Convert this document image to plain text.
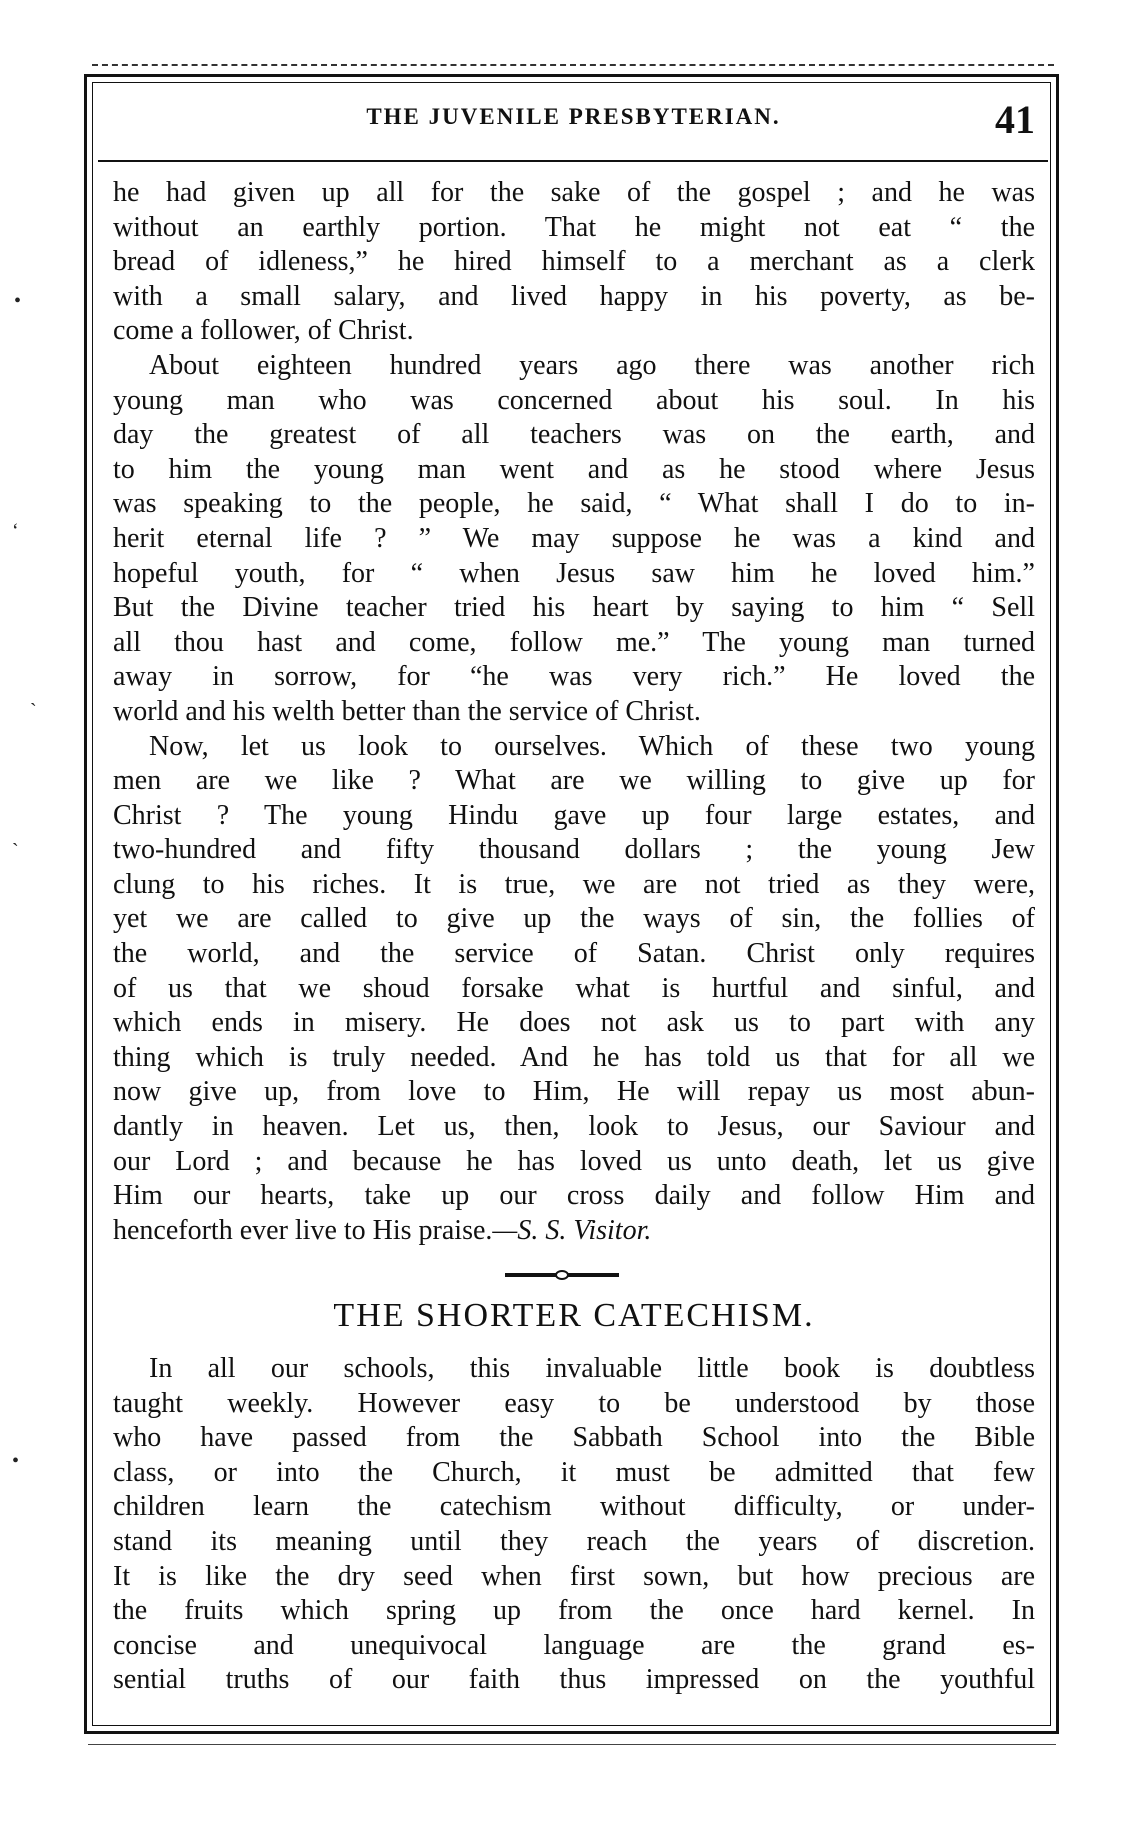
•
ʻ
ˋ
ˋ
•
THE JUVENILE PRESBYTERIAN.	41
he had given up all for the sake of the gospel ; and he was
without an earthly portion. That he might not eat “ the
bread of idleness,” he hired himself to a merchant as a clerk
with a small salary, and lived happy in his poverty, as be-
come a follower, of Christ.
About eighteen hundred years ago there was another rich
young man who was concerned about his soul. In his
day the greatest of all teachers was on the earth, and
to him the young man went and as he stood where Jesus
was speaking to the people, he said, “ What shall I do to in-
herit eternal life ? ” We may suppose he was a kind and
hopeful youth, for “ when Jesus saw him he loved him.”
But the Divine teacher tried his heart by saying to him “ Sell
all thou hast and come, follow me.” The young man turned
away in sorrow, for “he was very rich.” He loved the
world and his welth better than the service of Christ.
Now, let us look to ourselves. Which of these two young
men are we like ? What are we willing to give up for
Christ ? The young Hindu gave up four large estates, and
two-hundred and fifty thousand dollars ; the young Jew
clung to his riches. It is true, we are not tried as they were,
yet we are called to give up the ways of sin, the follies of
the world, and the service of Satan. Christ only requires
of us that we shoud forsake what is hurtful and sinful, and
which ends in misery. He does not ask us to part with any
thing which is truly needed. And he has told us that for all we
now give up, from love to Him, He will repay us most abun-
dantly in heaven. Let us, then, look to Jesus, our Saviour and
our Lord ; and because he has loved us unto death, let us give
Him our hearts, take up our cross daily and follow Him and
henceforth ever live to His praise.—S. S. Visitor.
THE SHORTER CATECHISM.
In all our schools, this invaluable little book is doubtless
taught weekly. However easy to be understood by those
who have passed from the Sabbath School into the Bible
class, or into the Church, it must be admitted that few
children learn the catechism without difficulty, or under-
stand its meaning until they reach the years of discretion.
It is like the dry seed when first sown, but how precious are
the fruits which spring up from the once hard kernel. In
concise and unequivocal language are the grand es-
sential truths of our faith thus impressed on the youthful
